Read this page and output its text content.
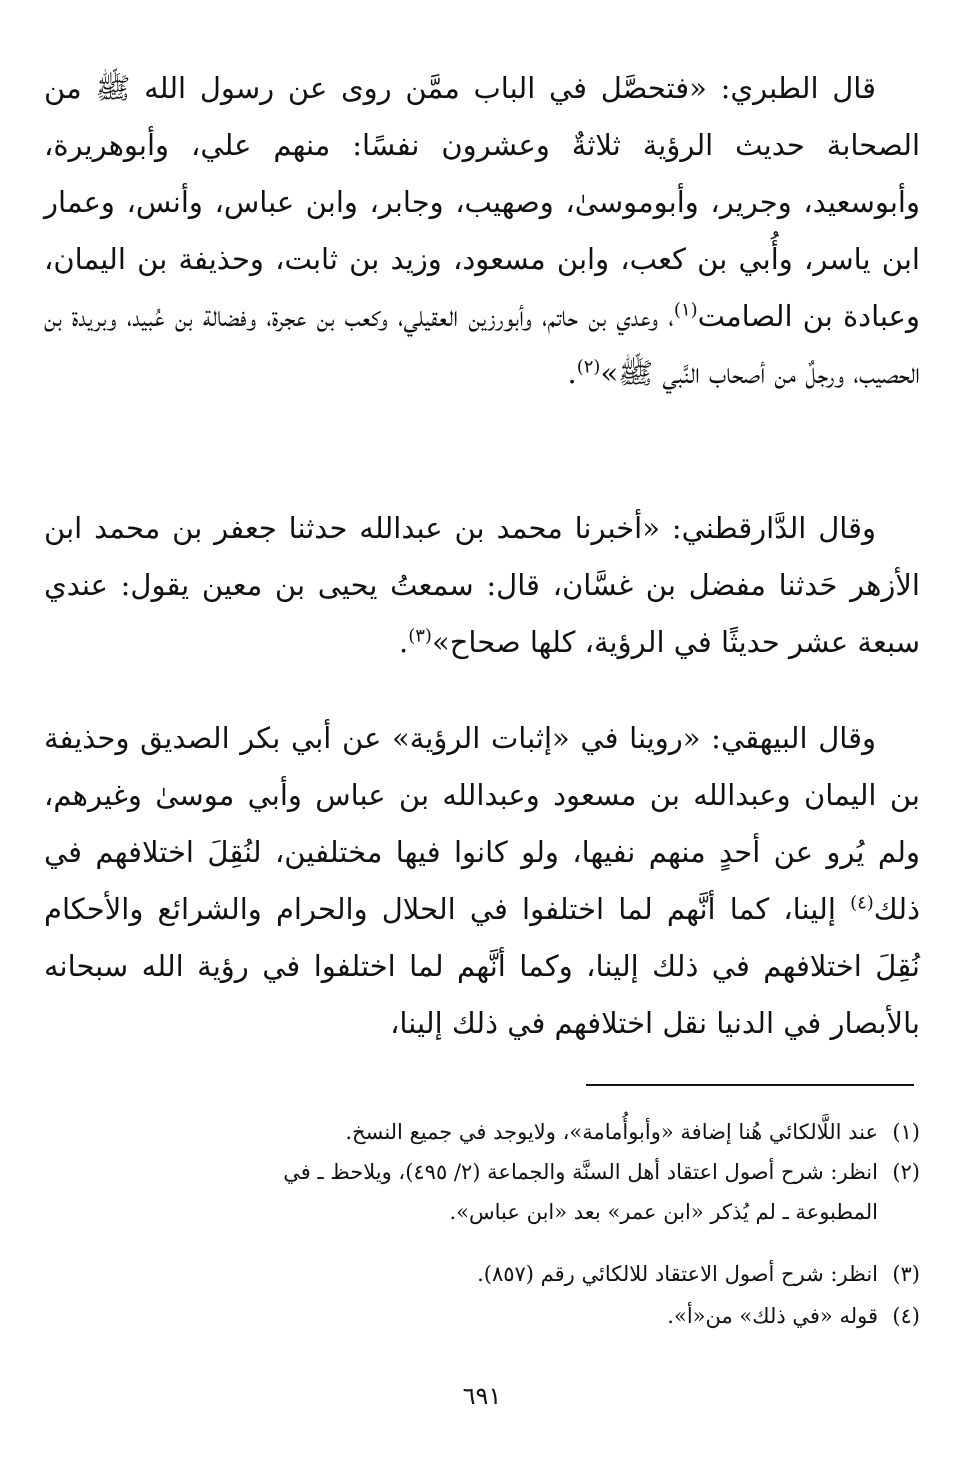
قال الطبري: «فتحصَّل في الباب ممَّن روى عن رسول الله ﷺ من الصحابة حديث الرؤية ثلاثةٌ وعشرون نفسًا: منهم علي، وأبوهريرة، وأبوسعيد، وجرير، وأبوموسىٰ، وصهيب، وجابر، وابن عباس، وأنس، وعمار ابن ياسر، وأُبي بن كعب، وابن مسعود، وزيد بن ثابت، وحذيفة بن اليمان، وعبادة بن الصامت$^{(١)}$، وعدي بن حاتم، وأبورزين العقيلي، وكعب بن عجرة، وفضالة بن عُبيد، وبريدة بن الحصيب، ورجلٌ من أصحاب النَّبي ﷺ»$^{(٢)}$.

وقال الدَّارقطني: «أخبرنا محمد بن عبدالله حدثنا جعفر بن محمد ابن الأزهر حَدثنا مفضل بن غسَّان، قال: سمعتُ يحيى بن معين يقول: عندي سبعة عشر حديثًا في الرؤية، كلها صحاح»$^{(٣)}$.

وقال البيهقي: «روينا في «إثبات الرؤية» عن أبي بكر الصديق وحذيفة بن اليمان وعبدالله بن مسعود وعبدالله بن عباس وأبي موسىٰ وغيرهم، ولم يُرو عن أحدٍ منهم نفيها، ولو كانوا فيها مختلفين، لنُقِلَ اختلافهم في ذلك$^{(٤)}$ إلينا، كما أنَّهم لما اختلفوا في الحلال والحرام والشرائع والأحكام نُقِلَ اختلافهم في ذلك إلينا، وكما أنَّهم لما اختلفوا في رؤية الله سبحانه بالأبصار في الدنيا نقل اختلافهم في ذلك إلينا،

(١)عند اللَّالكائي هُنا إضافة «وأبوأُمامة»، ولايوجد في جميع النسخ.

(٢)انظر: شرح أصول اعتقاد أهل السنَّة والجماعة (٢/ ٤٩٥)، ويلاحظ ـ في
المطبوعة ـ لم يُذكر «ابن عمر» بعد «ابن عباس».

(٣)انظر: شرح أصول الاعتقاد للالكائي رقم (٨٥٧).

(٤)قوله «في ذلك» من«أ».

٦٩١
